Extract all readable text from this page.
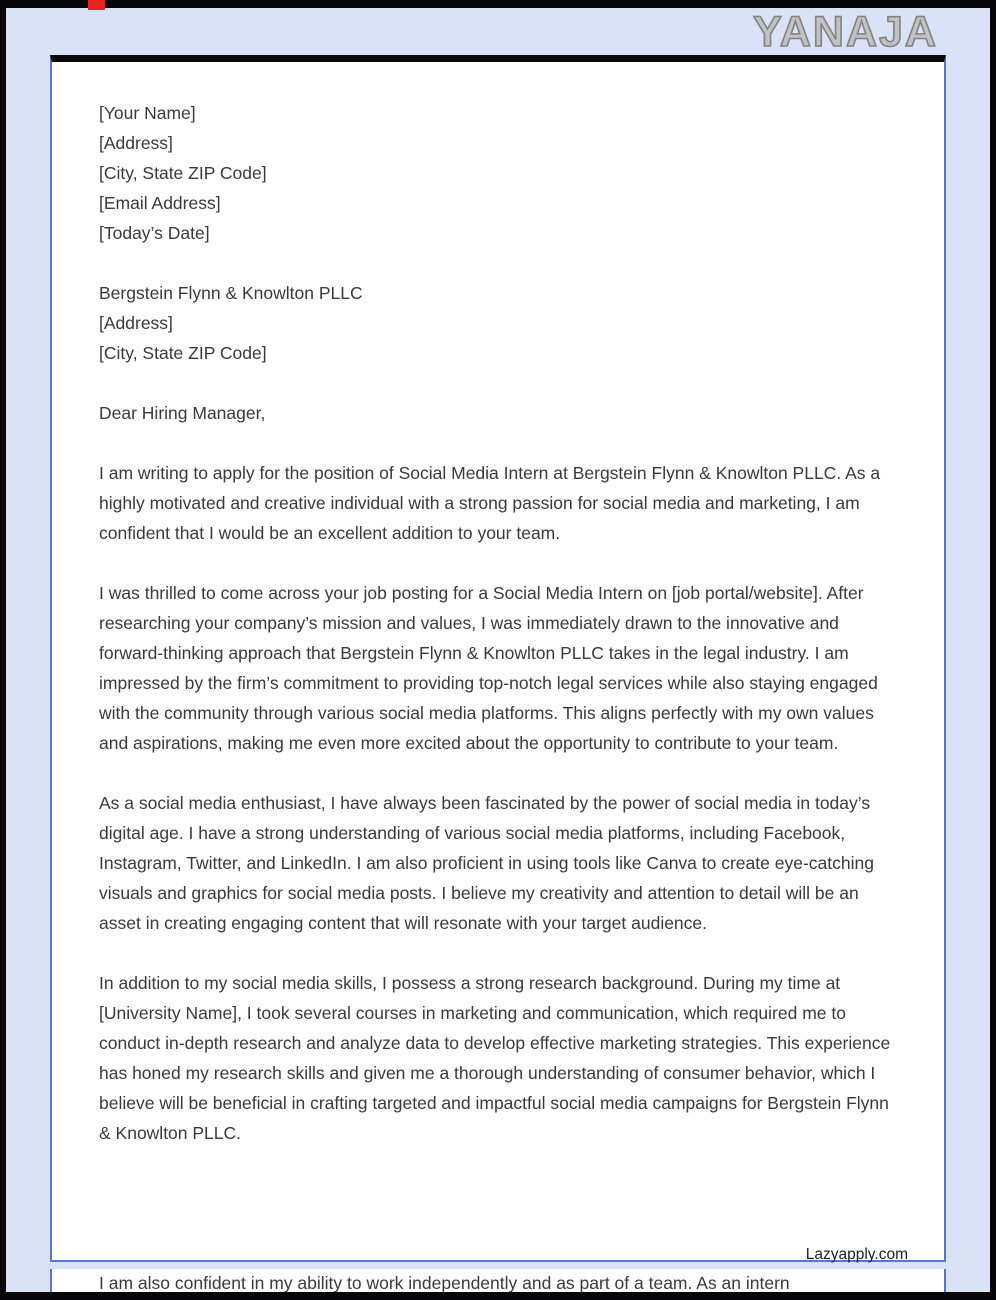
YANAJA
[Your Name]
[Address]
[City, State ZIP Code]
[Email Address]
[Today’s Date]
Bergstein Flynn & Knowlton PLLC
[Address]
[City, State ZIP Code]
Dear Hiring Manager,

I am writing to apply for the position of Social Media Intern at Bergstein Flynn & Knowlton PLLC. As a highly motivated and creative individual with a strong passion for social media and marketing, I am confident that I would be an excellent addition to your team.

I was thrilled to come across your job posting for a Social Media Intern on [job portal/website]. After researching your company’s mission and values, I was immediately drawn to the innovative and forward-thinking approach that Bergstein Flynn & Knowlton PLLC takes in the legal industry. I am impressed by the firm’s commitment to providing top-notch legal services while also staying engaged with the community through various social media platforms. This aligns perfectly with my own values and aspirations, making me even more excited about the opportunity to contribute to your team.

As a social media enthusiast, I have always been fascinated by the power of social media in today’s digital age. I have a strong understanding of various social media platforms, including Facebook, Instagram, Twitter, and LinkedIn. I am also proficient in using tools like Canva to create eye-catching visuals and graphics for social media posts. I believe my creativity and attention to detail will be an asset in creating engaging content that will resonate with your target audience.

In addition to my social media skills, I possess a strong research background. During my time at [University Name], I took several courses in marketing and communication, which required me to conduct in-depth research and analyze data to develop effective marketing strategies. This experience has honed my research skills and given me a thorough understanding of consumer behavior, which I believe will be beneficial in crafting targeted and impactful social media campaigns for Bergstein Flynn & Knowlton PLLC.

Lazyapply.com

I am also confident in my ability to work independently and as part of a team. As an intern
